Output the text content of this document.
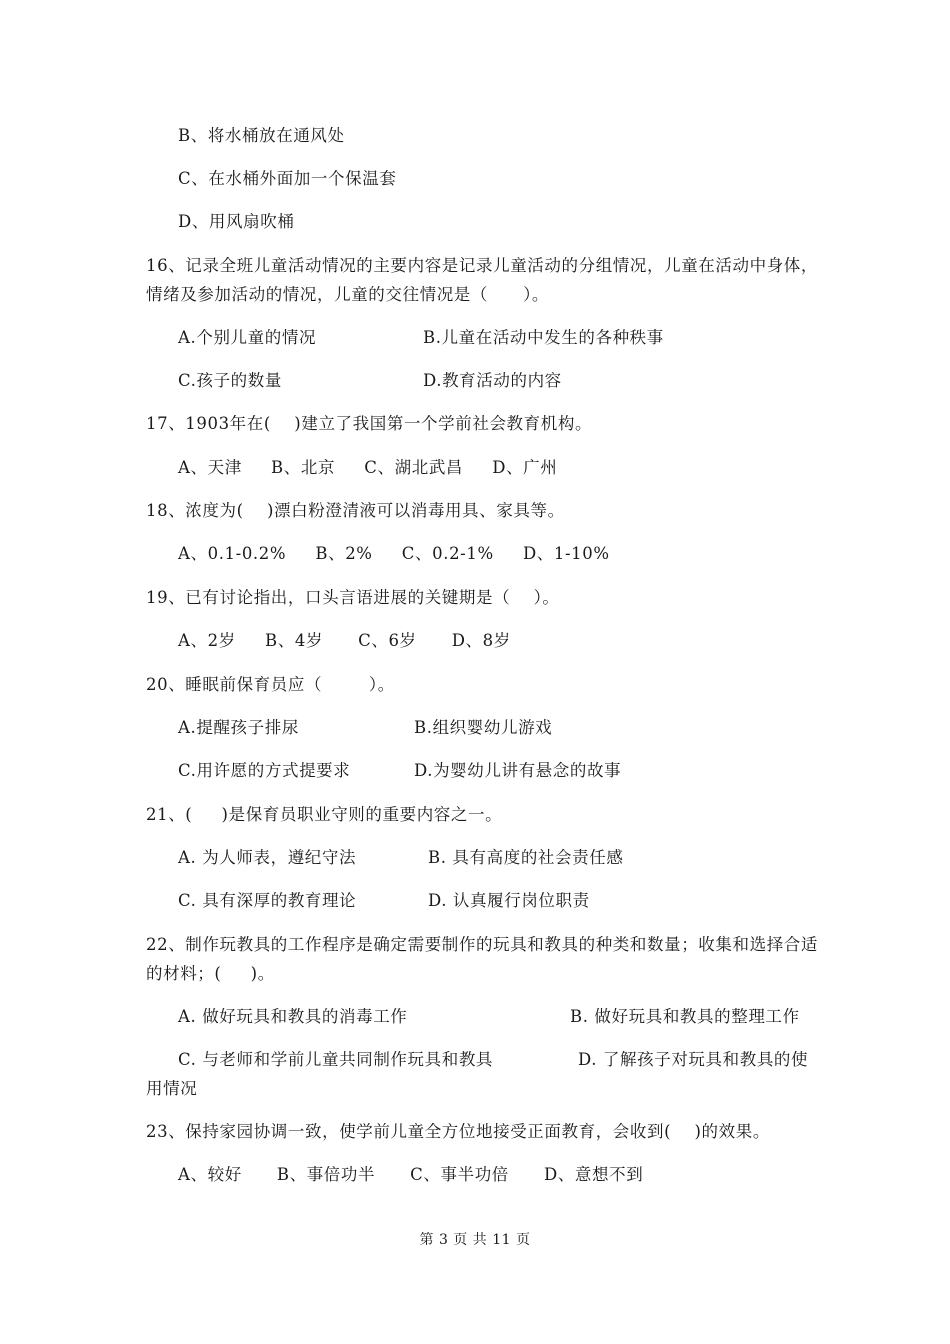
B、将水桶放在通风处
C、在水桶外面加一个保温套
D、用风扇吹桶
16、记录全班儿童活动情况的主要内容是记录儿童活动的分组情况，儿童在活动中身体，
情绪及参加活动的情况，儿童的交往情况是（      ）。
A.个别儿童的情况	B.儿童在活动中发生的各种秩事
C.孩子的数量	D.教育活动的内容
17、1903年在(    )建立了我国第一个学前社会教育机构。
A、天津     B、北京     C、湖北武昌     D、广州
18、浓度为(    )漂白粉澄清液可以消毒用具、家具等。
A、0.1-0.2%     B、2%     C、0.2-1%     D、1-10%
19、已有讨论指出，口头言语进展的关键期是（    ）。
A、2岁     B、4岁      C、6岁      D、8岁
20、睡眠前保育员应（        ）。
A.提醒孩子排尿	B.组织婴幼儿游戏
C.用许愿的方式提要求	D.为婴幼儿讲有悬念的故事
21、(     )是保育员职业守则的重要内容之一。
A. 为人师表，遵纪守法	B. 具有高度的社会责任感
C. 具有深厚的教育理论	D. 认真履行岗位职责
22、制作玩教具的工作程序是确定需要制作的玩具和教具的种类和数量；收集和选择合适
的材料；(     )。
A. 做好玩具和教具的消毒工作	B. 做好玩具和教具的整理工作
C. 与老师和学前儿童共同制作玩具和教具	D. 了解孩子对玩具和教具的使
用情况
23、保持家园协调一致，使学前儿童全方位地接受正面教育，会收到(    )的效果。
A、较好      B、事倍功半      C、事半功倍      D、意想不到
第 3 页 共 11 页
